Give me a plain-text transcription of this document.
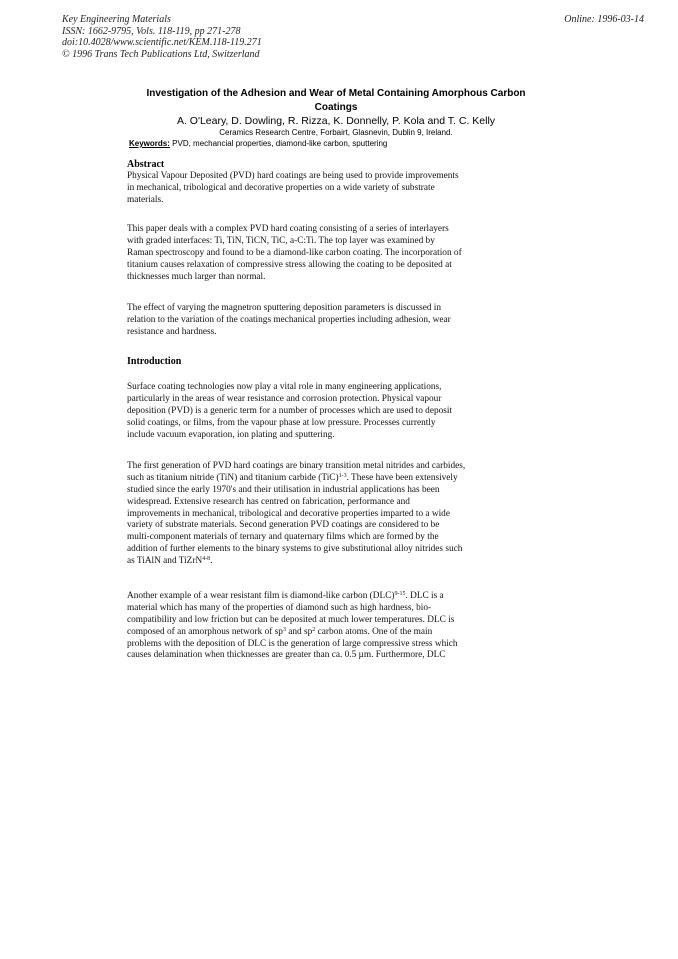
Key Engineering Materials
ISSN: 1662-9795, Vols. 118-119, pp 271-278
doi:10.4028/www.scientific.net/KEM.118-119.271
© 1996 Trans Tech Publications Ltd, Switzerland
Online: 1996-03-14
Investigation of the Adhesion and Wear of Metal Containing Amorphous Carbon
Coatings
A. O'Leary, D. Dowling, R. Rizza, K. Donnelly, P. Kola and T. C. Kelly
Ceramics Research Centre, Forbairt, Glasnevin, Dublin 9, Ireland.
Keywords: PVD, mechancial properties, diamond-like carbon, sputtering
Abstract
Physical Vapour Deposited (PVD) hard coatings are being used to provide improvements
in mechanical, tribological and decorative properties on a wide variety of substrate
materials.
This paper deals with a complex PVD hard coating consisting of a series of interlayers
with graded interfaces: Ti, TiN, TiCN, TiC, a-C:Ti. The top layer was examined by
Raman spectroscopy and found to be a diamond-like carbon coating. The incorporation of
titanium causes relaxation of compressive stress allowing the coating to be deposited at
thicknesses much larger than normal.
The effect of varying the magnetron sputtering deposition parameters is discussed in
relation to the variation of the coatings mechanical properties including adhesion, wear
resistance and hardness.
Introduction
Surface coating technologies now play a vital role in many engineering applications,
particularly in the areas of wear resistance and corrosion protection. Physical vapour
deposition (PVD) is a generic term for a number of processes which are used to deposit
solid coatings, or films, from the vapour phase at low pressure. Processes currently
include vacuum evaporation, ion plating and sputtering.
The first generation of PVD hard coatings are binary transition metal nitrides and carbides,
such as titanium nitride (TiN) and titanium carbide (TiC)$^{1-3}$. These have been extensively
studied since the early 1970's and their utilisation in industrial applications has been
widespread. Extensive research has centred on fabrication, performance and
improvements in mechanical, tribological and decorative properties imparted to a wide
variety of substrate materials. Second generation PVD coatings are considered to be
multi-component materials of ternary and quaternary films which are formed by the
addition of further elements to the binary systems to give substitutional alloy nitrides such
as TiAlN and TiZrN$^{4-8}$.
Another example of a wear resistant film is diamond-like carbon (DLC)$^{9-15}$. DLC is a
material which has many of the properties of diamond such as high hardness, bio-
compatibility and low friction but can be deposited at much lower temperatures. DLC is
composed of an amorphous network of $sp^3$ and $sp^2$ carbon atoms. One of the main
problems with the deposition of DLC is the generation of large compressive stress which
causes delamination when thicknesses are greater than ca. 0.5 µm. Furthermore, DLC
